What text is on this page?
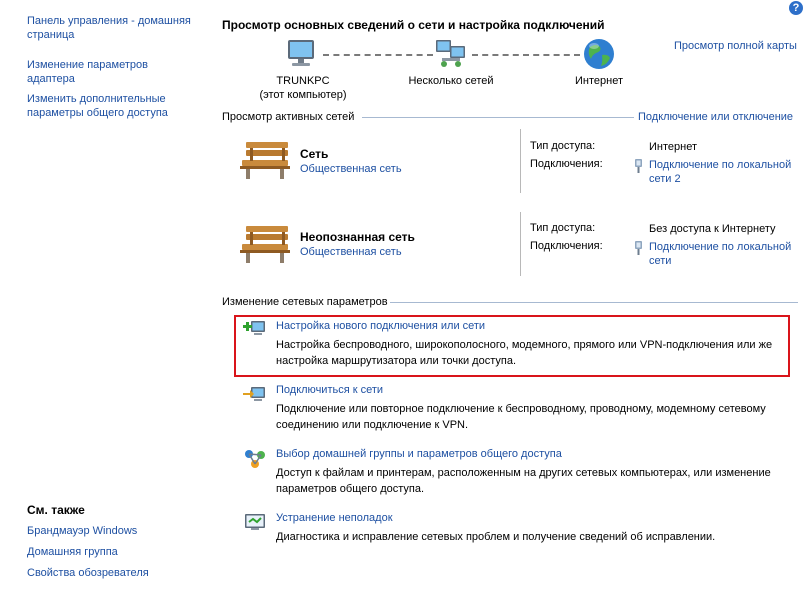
?
Панель управления - домашняя страница
Изменение параметров адаптера
Изменить дополнительные параметры общего доступа
См. также
Брандмауэр Windows
Домашняя группа
Свойства обозревателя
Просмотр основных сведений о сети и настройка подключений
Просмотр полной карты
TRUNKPC
(этот компьютер)
Несколько сетей	Интернет
Просмотр активных сетей	Подключение или отключение
Сеть
Общественная сеть
Тип доступа:	Интернет
Подключения:	Подключение по локальной сети 2
Неопознанная сеть
Общественная сеть
Тип доступа:	Без доступа к Интернету
Подключения:	Подключение по локальной сети
Изменение сетевых параметров
Настройка нового подключения или сети
Настройка беспроводного, широкополосного, модемного, прямого или VPN-подключения или же настройка маршрутизатора или точки доступа.
Подключиться к сети
Подключение или повторное подключение к беспроводному, проводному, модемному сетевому соединению или подключение к VPN.
Выбор домашней группы и параметров общего доступа
Доступ к файлам и принтерам, расположенным на других сетевых компьютерах, или изменение параметров общего доступа.
Устранение неполадок
Диагностика и исправление сетевых проблем и получение сведений об исправлении.
